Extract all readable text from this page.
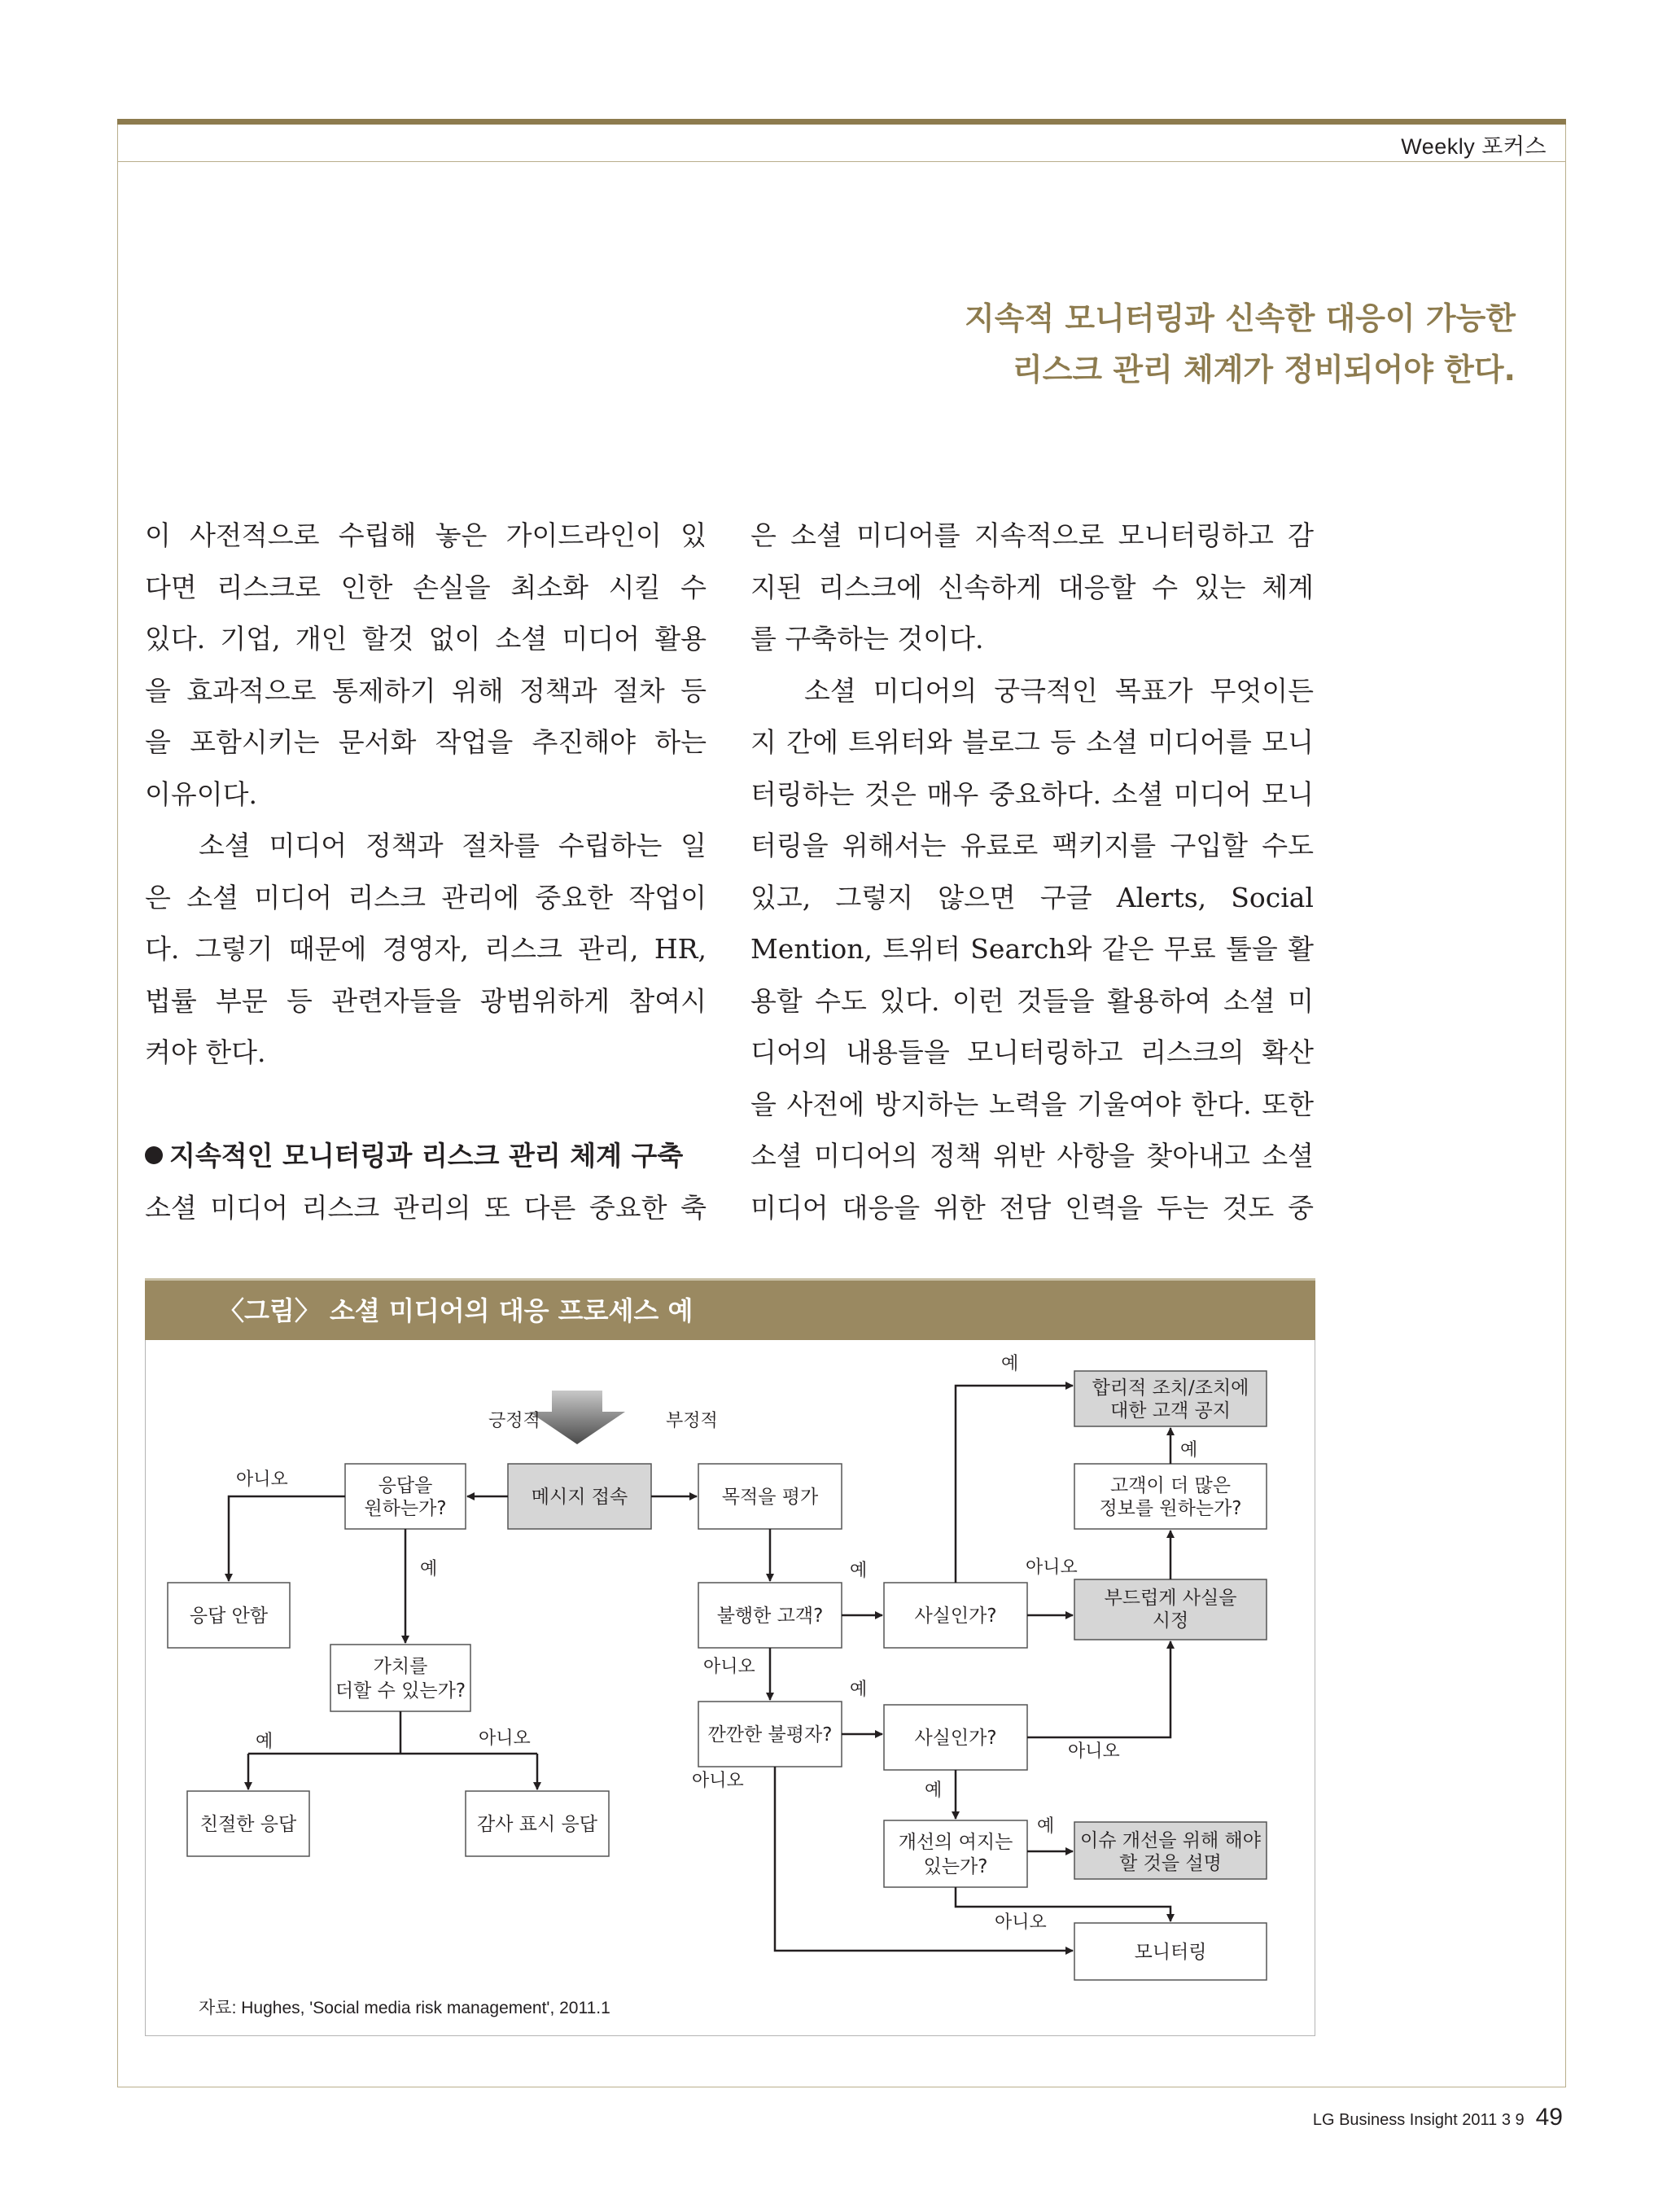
Weekly 포커스
지속적 모니터링과 신속한 대응이 가능한
리스크 관리 체계가 정비되어야 한다.
이 사전적으로 수립해 놓은 가이드라인이 있
다면 리스크로 인한 손실을 최소화 시킬 수
있다. 기업, 개인 할것 없이 소셜 미디어 활용
을 효과적으로 통제하기 위해 정책과 절차 등
을 포함시키는 문서화 작업을 추진해야 하는
이유이다.
소셜 미디어 정책과 절차를 수립하는 일
은 소셜 미디어 리스크 관리에 중요한 작업이
다. 그렇기 때문에 경영자, 리스크 관리, HR,
법률 부문 등 관련자들을 광범위하게 참여시
켜야 한다.
지속적인 모니터링과 리스크 관리 체계 구축
소셜 미디어 리스크 관리의 또 다른 중요한 축
은 소셜 미디어를 지속적으로 모니터링하고 감
지된 리스크에 신속하게 대응할 수 있는 체계
를 구축하는 것이다.
소셜 미디어의 궁극적인 목표가 무엇이든
지 간에 트위터와 블로그 등 소셜 미디어를 모니
터링하는 것은 매우 중요하다. 소셜 미디어 모니
터링을 위해서는 유료로 팩키지를 구입할 수도
있고, 그렇지 않으면 구글 Alerts, Social
Mention, 트위터 Search와 같은 무료 툴을 활
용할 수도 있다. 이런 것들을 활용하여 소셜 미
디어의 내용들을 모니터링하고 리스크의 확산
을 사전에 방지하는 노력을 기울여야 한다. 또한
소셜 미디어의 정책 위반 사항을 찾아내고 소셜
미디어 대응을 위한 전담 인력을 두는 것도 중
〈그림〉 소셜 미디어의 대응 프로세스 예
메시지 접속
응답을
원하는가?
응답 안함
가치를
더할 수 있는가?
친절한 응답	감사 표시 응답
목적을 평가
불행한 고객?
깐깐한 불평자?
사실인가?
사실인가?
개선의 여지는
있는가?
합리적 조치/조치에
대한 고객 공지
고객이 더 많은
정보를 원하는가?
부드럽게 사실을
시정
이슈 개선을 위해 해야
할 것을 설명
모니터링
긍정적	부정적
아니오
예
예	아니오
예
아니오
예
아니오
예
예
아니오
아니오
예
예
아니오
자료: Hughes, 'Social media risk management', 2011.1
LG Business Insight 2011 3 9 49
